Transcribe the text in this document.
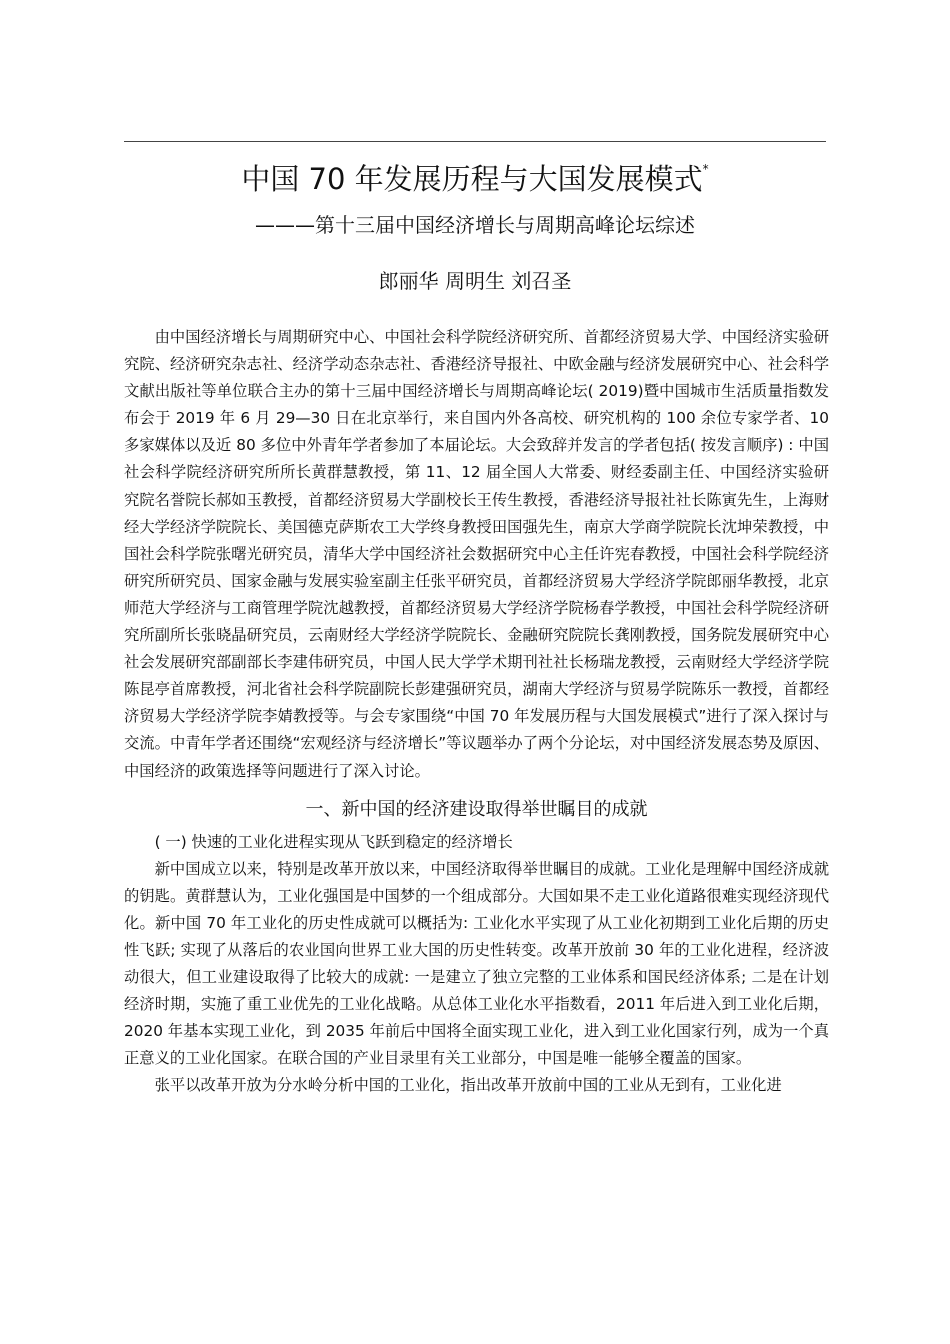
中国 70 年发展历程与大国发展模式*
———第十三届中国经济增长与周期高峰论坛综述
郎丽华 周明生 刘召圣

由中国经济增长与周期研究中心、中国社会科学院经济研究所、首都经济贸易大学、中国经济实验研究院、经济研究杂志社、经济学动态杂志社、香港经济导报社、中欧金融与经济发展研究中心、社会科学文献出版社等单位联合主办的第十三届中国经济增长与周期高峰论坛( 2019)暨中国城市生活质量指数发布会于 2019 年 6 月 29—30 日在北京举行，来自国内外各高校、研究机构的 100 余位专家学者、10 多家媒体以及近 80 多位中外青年学者参加了本届论坛。大会致辞并发言的学者包括( 按发言顺序) : 中国社会科学院经济研究所所长黄群慧教授，第 11、12 届全国人大常委、财经委副主任、中国经济实验研究院名誉院长郝如玉教授，首都经济贸易大学副校长王传生教授，香港经济导报社社长陈寅先生，上海财经大学经济学院院长、美国德克萨斯农工大学终身教授田国强先生，南京大学商学院院长沈坤荣教授，中国社会科学院张曙光研究员，清华大学中国经济社会数据研究中心主任许宪春教授，中国社会科学院经济研究所研究员、国家金融与发展实验室副主任张平研究员，首都经济贸易大学经济学院郎丽华教授，北京师范大学经济与工商管理学院沈越教授，首都经济贸易大学经济学院杨春学教授，中国社会科学院经济研究所副所长张晓晶研究员，云南财经大学经济学院院长、金融研究院院长龚刚教授，国务院发展研究中心社会发展研究部副部长李建伟研究员，中国人民大学学术期刊社社长杨瑞龙教授，云南财经大学经济学院陈昆亭首席教授，河北省社会科学院副院长彭建强研究员，湖南大学经济与贸易学院陈乐一教授，首都经济贸易大学经济学院李婧教授等。与会专家围绕“中国 70 年发展历程与大国发展模式”进行了深入探讨与交流。中青年学者还围绕“宏观经济与经济增长”等议题举办了两个分论坛，对中国经济发展态势及原因、中国经济的政策选择等问题进行了深入讨论。

一、新中国的经济建设取得举世瞩目的成就
( 一) 快速的工业化进程实现从飞跃到稳定的经济增长

新中国成立以来，特别是改革开放以来，中国经济取得举世瞩目的成就。工业化是理解中国经济成就的钥匙。黄群慧认为，工业化强国是中国梦的一个组成部分。大国如果不走工业化道路很难实现经济现代化。新中国 70 年工业化的历史性成就可以概括为: 工业化水平实现了从工业化初期到工业化后期的历史性飞跃; 实现了从落后的农业国向世界工业大国的历史性转变。改革开放前 30 年的工业化进程，经济波动很大，但工业建设取得了比较大的成就: 一是建立了独立完整的工业体系和国民经济体系; 二是在计划经济时期，实施了重工业优先的工业化战略。从总体工业化水平指数看，2011 年后进入到工业化后期，2020 年基本实现工业化，到 2035 年前后中国将全面实现工业化，进入到工业化国家行列，成为一个真正意义的工业化国家。在联合国的产业目录里有关工业部分，中国是唯一能够全覆盖的国家。

张平以改革开放为分水岭分析中国的工业化，指出改革开放前中国的工业从无到有，工业化进
